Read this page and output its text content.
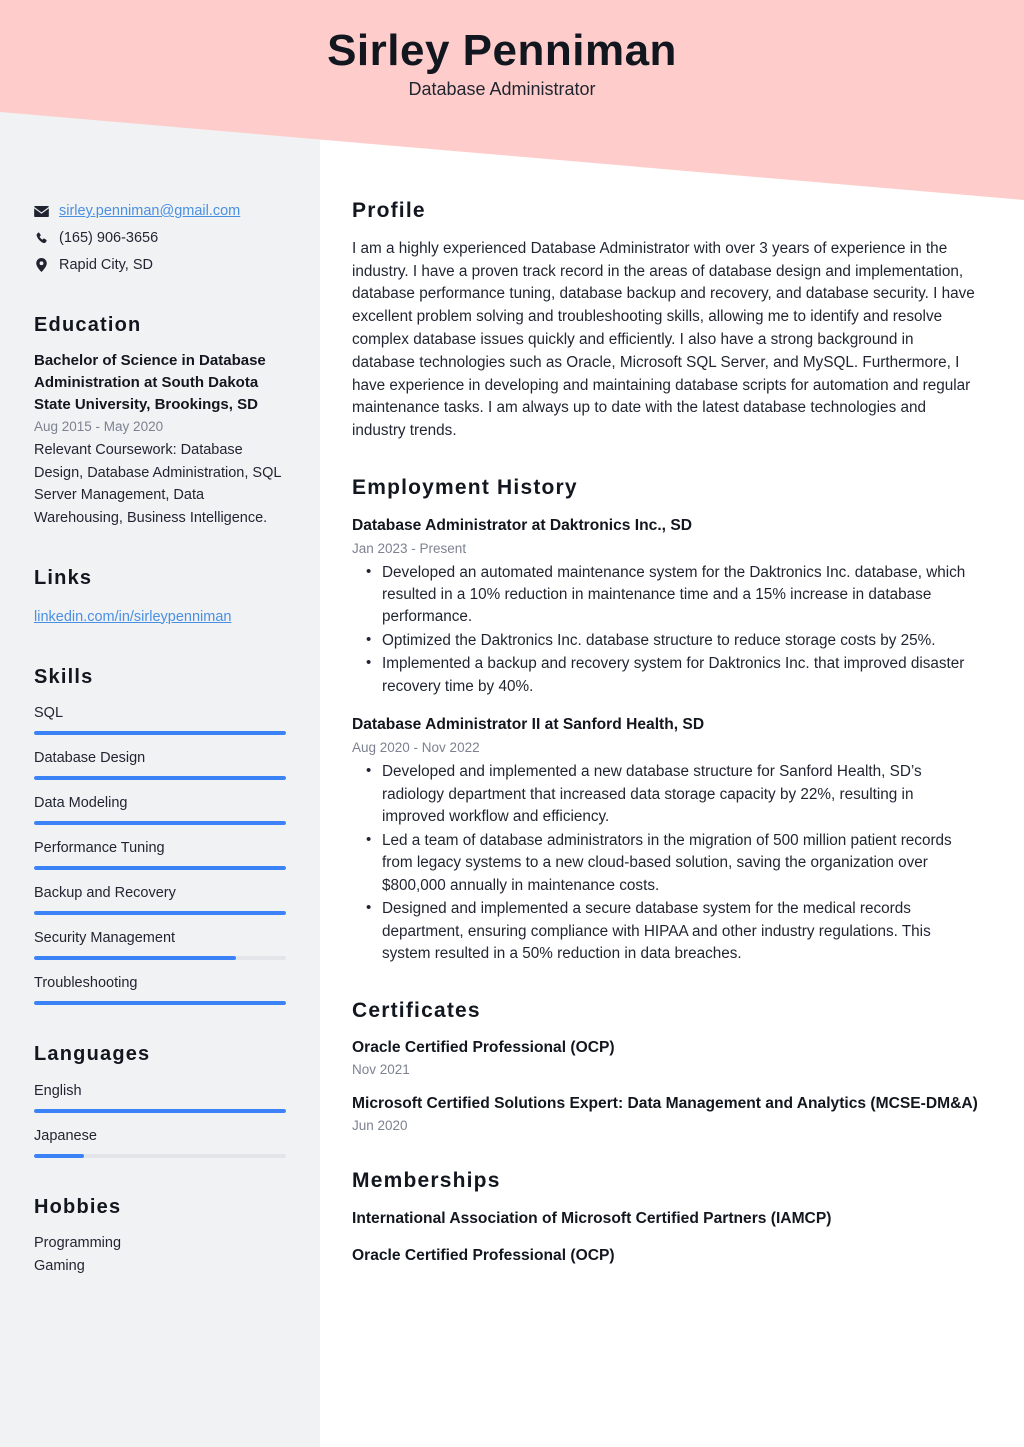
Sirley Penniman
Database Administrator
sirley.penniman@gmail.com
(165) 906-3656
Rapid City, SD
Education
Bachelor of Science in Database Administration at South Dakota State University, Brookings, SD
Aug 2015 - May 2020
Relevant Coursework: Database Design, Database Administration, SQL Server Management, Data Warehousing, Business Intelligence.
Links
linkedin.com/in/sirleypenniman
Skills
SQL
Database Design
Data Modeling
Performance Tuning
Backup and Recovery
Security Management
Troubleshooting
Languages
English
Japanese
Hobbies
Programming
Gaming
Profile
I am a highly experienced Database Administrator with over 3 years of experience in the industry. I have a proven track record in the areas of database design and implementation, database performance tuning, database backup and recovery, and database security. I have excellent problem solving and troubleshooting skills, allowing me to identify and resolve complex database issues quickly and efficiently. I also have a strong background in database technologies such as Oracle, Microsoft SQL Server, and MySQL. Furthermore, I have experience in developing and maintaining database scripts for automation and regular maintenance tasks. I am always up to date with the latest database technologies and industry trends.
Employment History
Database Administrator at Daktronics Inc., SD
Jan 2023 - Present
• Developed an automated maintenance system for the Daktronics Inc. database, which resulted in a 10% reduction in maintenance time and a 15% increase in database performance.
• Optimized the Daktronics Inc. database structure to reduce storage costs by 25%.
• Implemented a backup and recovery system for Daktronics Inc. that improved disaster recovery time by 40%.
Database Administrator II at Sanford Health, SD
Aug 2020 - Nov 2022
• Developed and implemented a new database structure for Sanford Health, SD’s radiology department that increased data storage capacity by 22%, resulting in improved workflow and efficiency.
• Led a team of database administrators in the migration of 500 million patient records from legacy systems to a new cloud-based solution, saving the organization over $800,000 annually in maintenance costs.
• Designed and implemented a secure database system for the medical records department, ensuring compliance with HIPAA and other industry regulations. This system resulted in a 50% reduction in data breaches.
Certificates
Oracle Certified Professional (OCP)
Nov 2021
Microsoft Certified Solutions Expert: Data Management and Analytics (MCSE-DM&A)
Jun 2020
Memberships
International Association of Microsoft Certified Partners (IAMCP)
Oracle Certified Professional (OCP)
